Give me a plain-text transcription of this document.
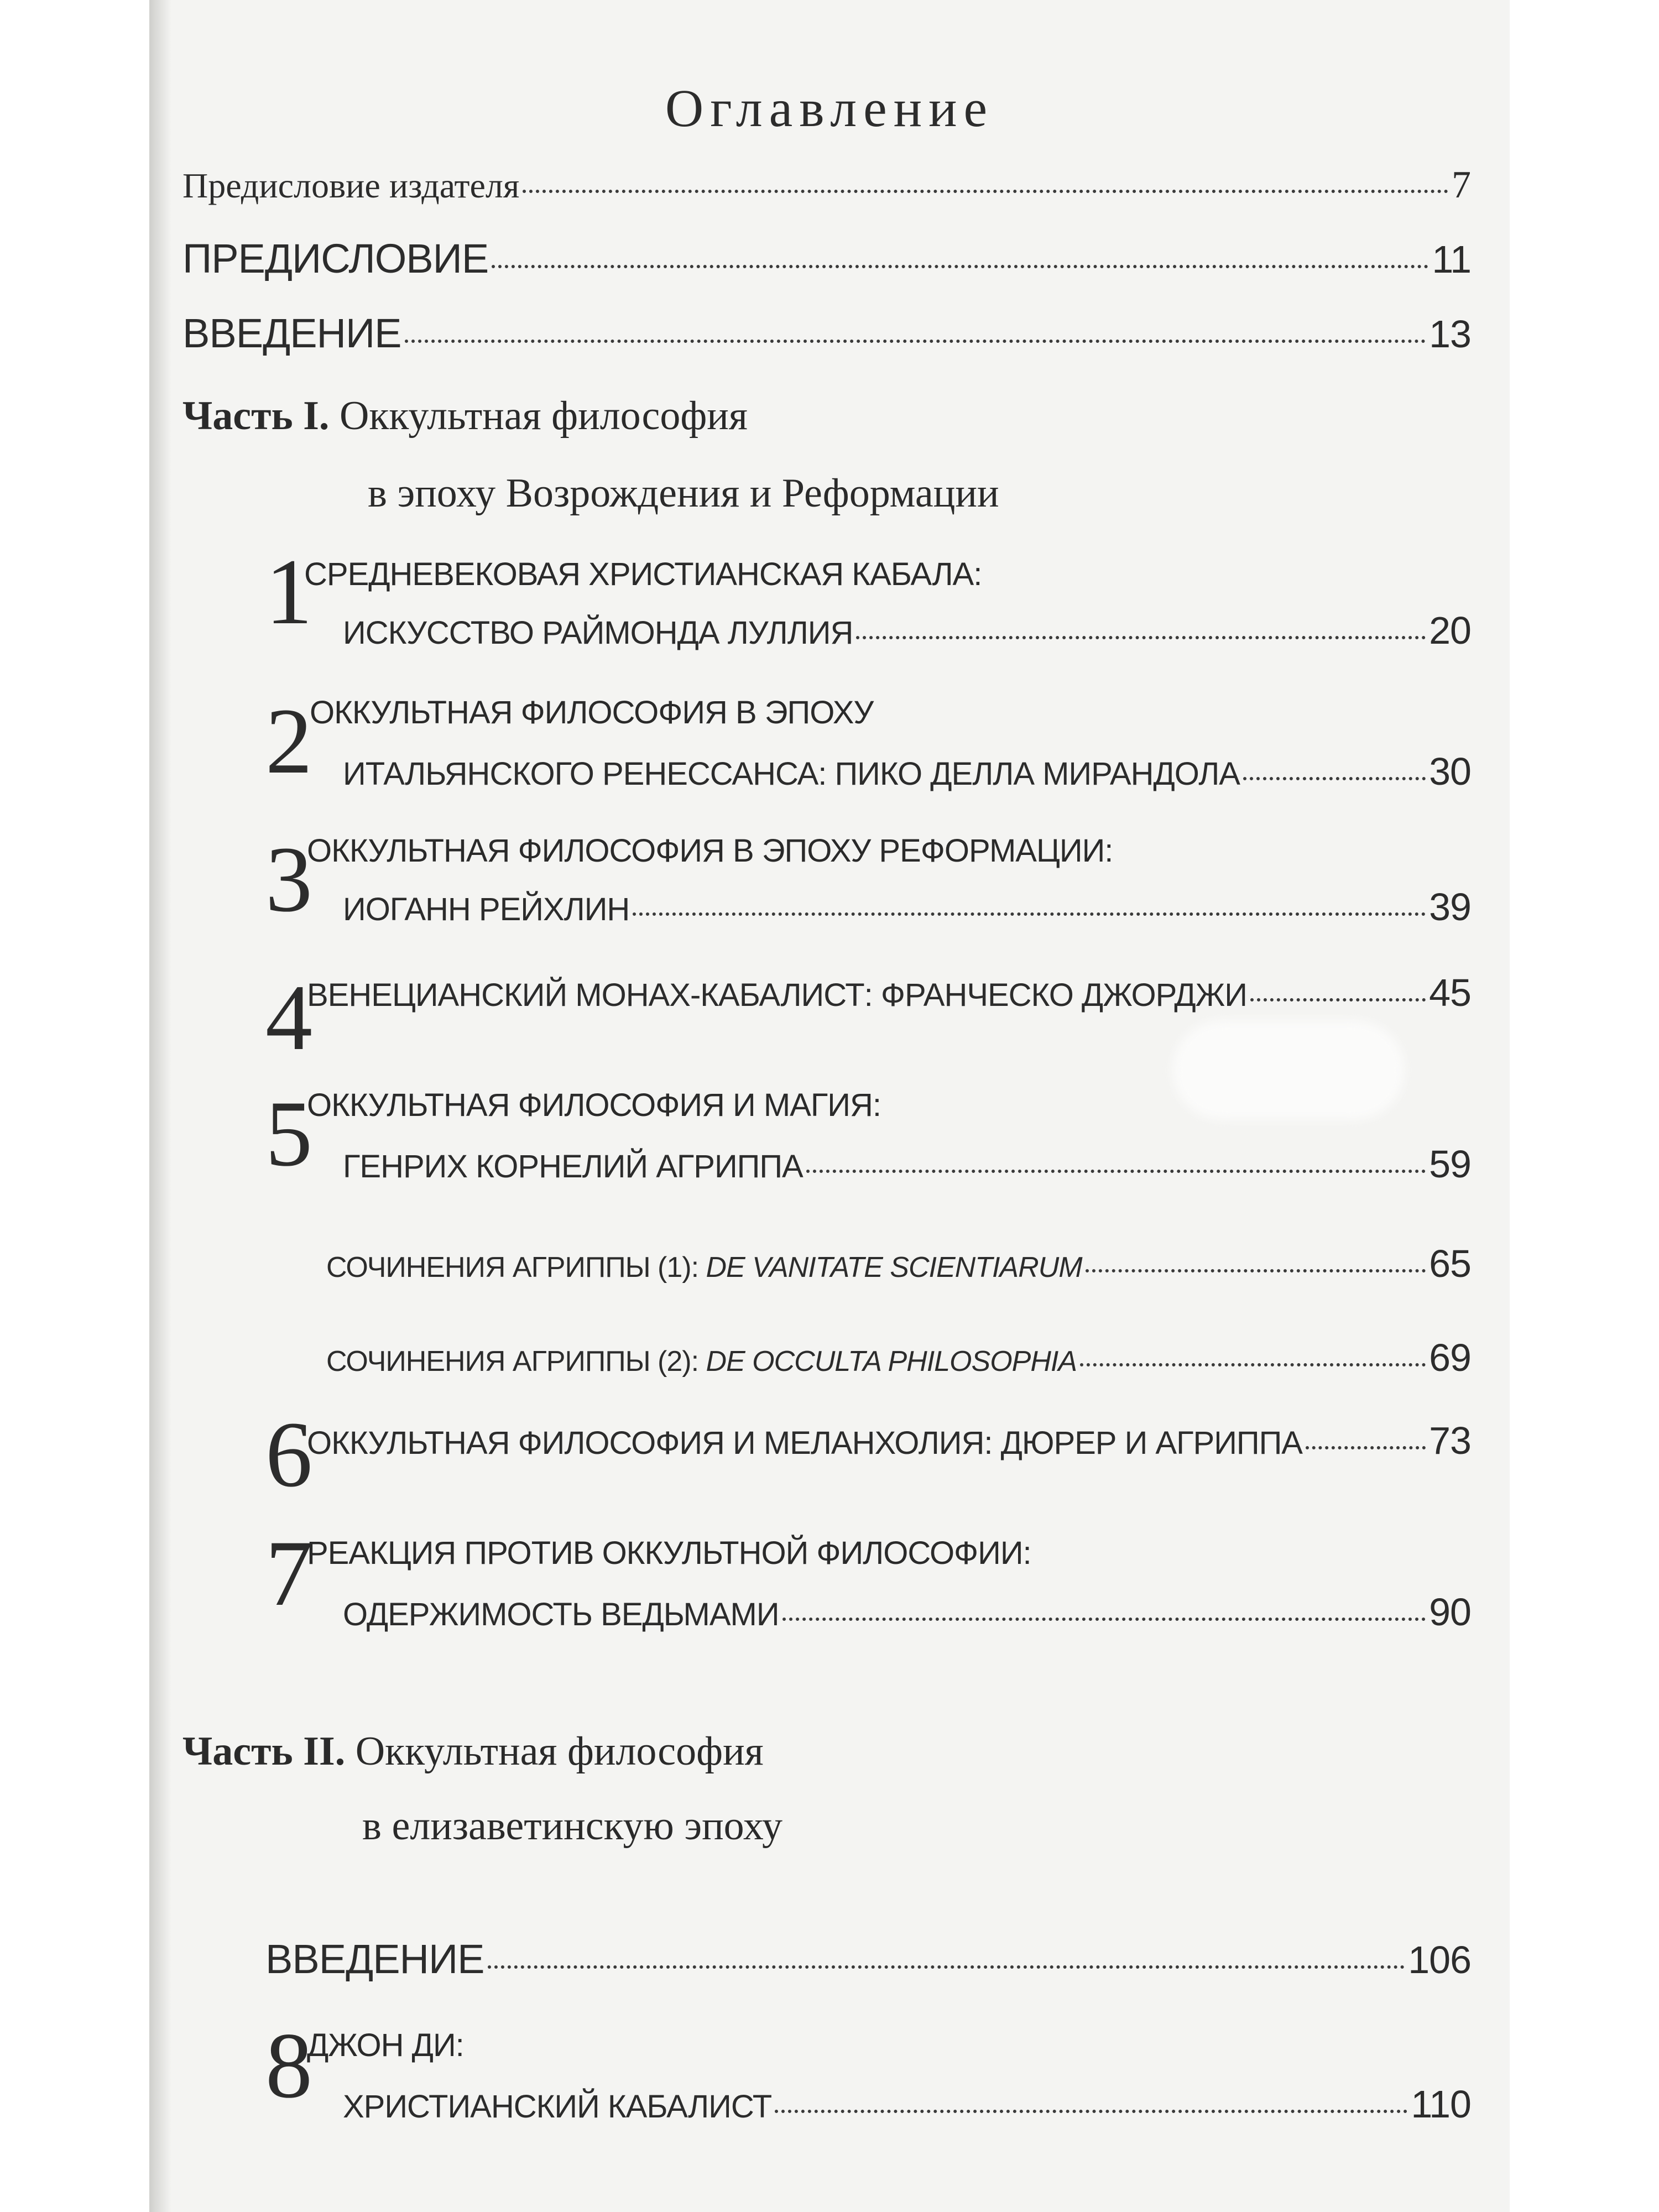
Оглавление
Предисловие издателя	7
ПРЕДИСЛОВИЕ	11
ВВЕДЕНИЕ	13
Часть I. Оккультная философия
в эпоху Возрождения и Реформации
1
СРЕДНЕВЕКОВАЯ ХРИСТИАНСКАЯ КАБАЛА:
ИСКУССТВО РАЙМОНДА ЛУЛЛИЯ	20
2
ОККУЛЬТНАЯ ФИЛОСОФИЯ В ЭПОХУ
ИТАЛЬЯНСКОГО РЕНЕССАНСА: ПИКО ДЕЛЛА МИРАНДОЛА	30
3
ОККУЛЬТНАЯ ФИЛОСОФИЯ В ЭПОХУ РЕФОРМАЦИИ:
ИОГАНН РЕЙХЛИН	39
4
ВЕНЕЦИАНСКИЙ МОНАХ-КАБАЛИСТ: ФРАНЧЕСКО ДЖОРДЖИ	45
5
ОККУЛЬТНАЯ ФИЛОСОФИЯ И МАГИЯ:
ГЕНРИХ КОРНЕЛИЙ АГРИППА	59
СОЧИНЕНИЯ АГРИППЫ (1): DE VANITATE SCIENTIARUM	65
СОЧИНЕНИЯ АГРИППЫ (2): DE OCCULTA PHILOSOPHIA	69
6
ОККУЛЬТНАЯ ФИЛОСОФИЯ И МЕЛАНХОЛИЯ: ДЮРЕР И АГРИППА	73
7
РЕАКЦИЯ ПРОТИВ ОККУЛЬТНОЙ ФИЛОСОФИИ:
ОДЕРЖИМОСТЬ ВЕДЬМАМИ	90
Часть II. Оккультная философия
в елизаветинскую эпоху
ВВЕДЕНИЕ	106
8
ДЖОН ДИ:
ХРИСТИАНСКИЙ КАБАЛИСТ	110
